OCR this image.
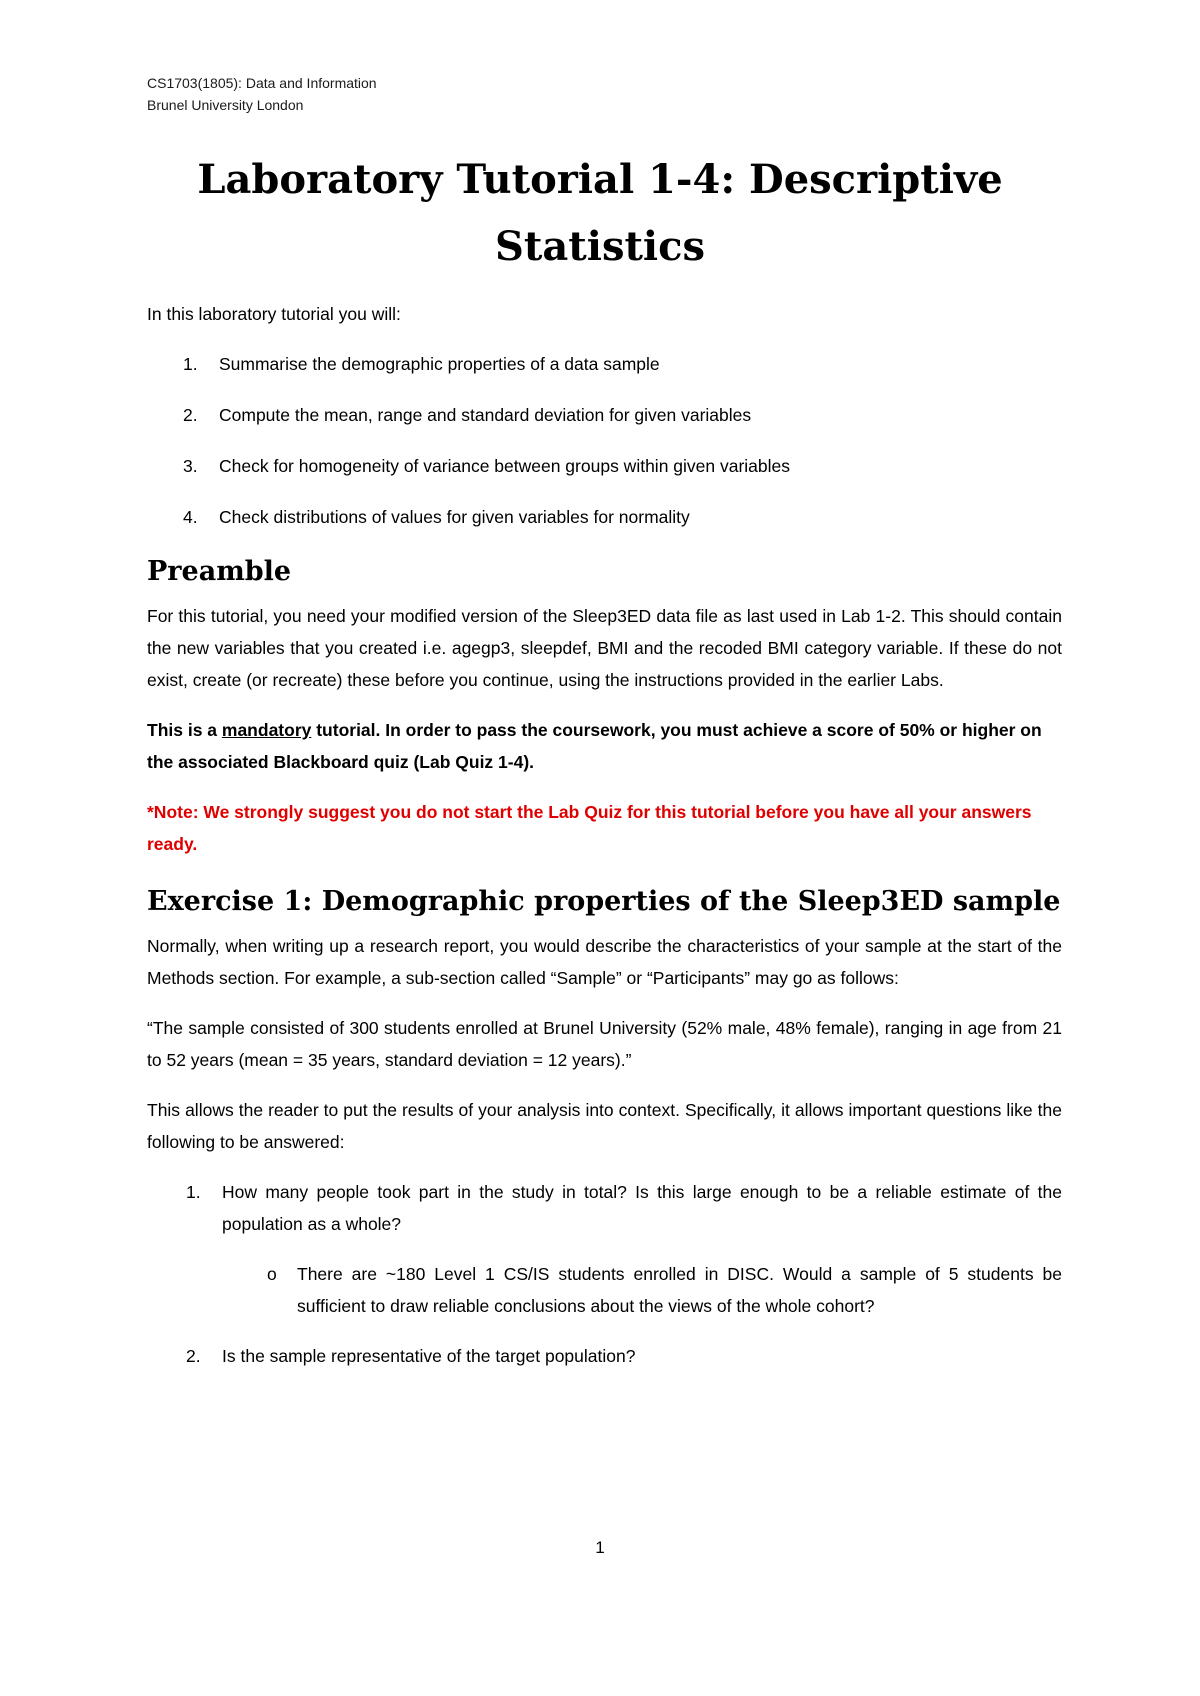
CS1703(1805): Data and Information
Brunel University London
Laboratory Tutorial 1-4: Descriptive Statistics

In this laboratory tutorial you will:

1. Summarise the demographic properties of a data sample
2. Compute the mean, range and standard deviation for given variables
3. Check for homogeneity of variance between groups within given variables
4. Check distributions of values for given variables for normality
Preamble

For this tutorial, you need your modified version of the Sleep3ED data file as last used in Lab 1-2. This should contain the new variables that you created i.e. agegp3, sleepdef, BMI and the recoded BMI category variable. If these do not exist, create (or recreate) these before you continue, using the instructions provided in the earlier Labs.

This is a mandatory tutorial. In order to pass the coursework, you must achieve a score of 50% or higher on the associated Blackboard quiz (Lab Quiz 1-4).

*Note: We strongly suggest you do not start the Lab Quiz for this tutorial before you have all your answers ready.

Exercise 1: Demographic properties of the Sleep3ED sample

Normally, when writing up a research report, you would describe the characteristics of your sample at the start of the Methods section. For example, a sub-section called “Sample” or “Participants” may go as follows:

“The sample consisted of 300 students enrolled at Brunel University (52% male, 48% female), ranging in age from 21 to 52 years (mean = 35 years, standard deviation = 12 years).”

This allows the reader to put the results of your analysis into context. Specifically, it allows important questions like the following to be answered:

1. How many people took part in the study in total? Is this large enough to be a reliable estimate of the population as a whole?
o There are ~180 Level 1 CS/IS students enrolled in DISC. Would a sample of 5 students be sufficient to draw reliable conclusions about the views of the whole cohort?
2. Is the sample representative of the target population?
1
